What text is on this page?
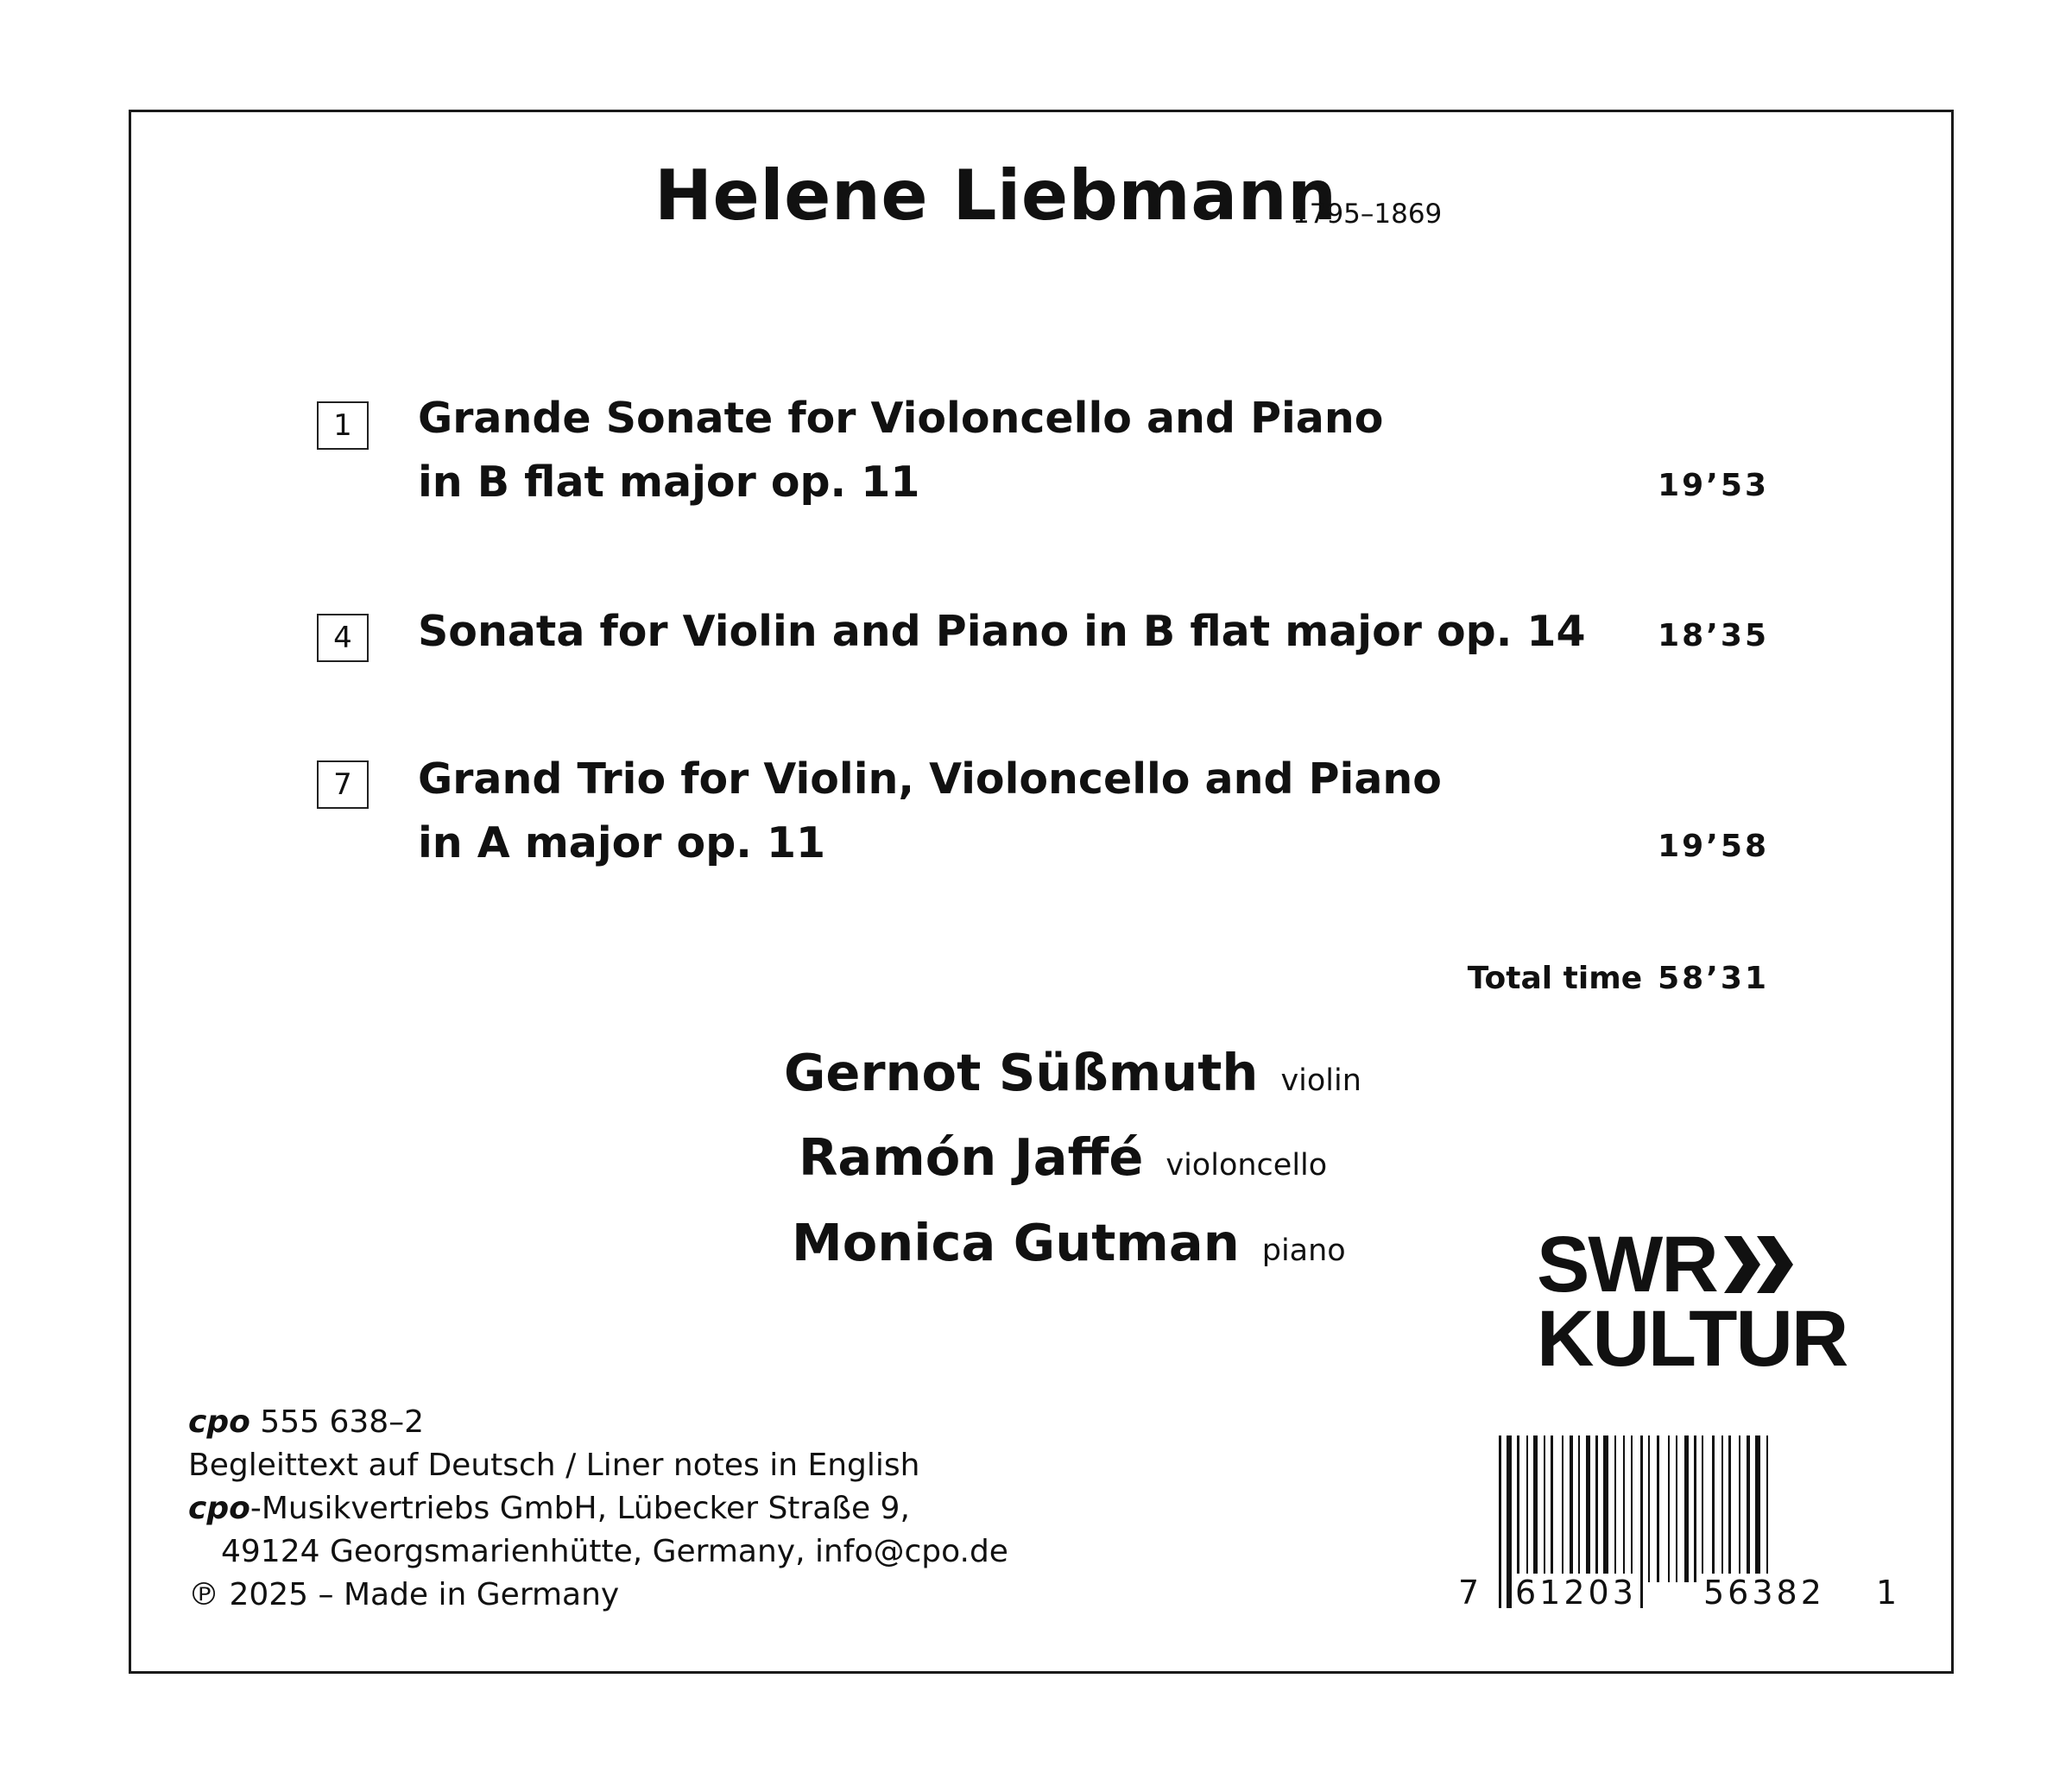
Helene Liebmann
1795–1869
1	Grande Sonate for Violoncello and Piano
in B flat major op. 11	19’53
4	Sonata for Violin and Piano in B flat major op. 14 18’35
7	Grand Trio for Violin, Violoncello and Piano
in A major op. 11	19’58
Total time 58’31
Gernot Süßmuth violin
Ramón Jaffé violoncello
Monica Gutman piano SWR
KULTUR
cpo 555 638–2
Begleittext auf Deutsch / Liner notes in English
cpo-Musikvertriebs GmbH, Lübecker Straße 9,
49124 Georgsmarienhütte, Germany, info@cpo.de
℗ 2025 – Made in Germany	7 61203 56382 1
